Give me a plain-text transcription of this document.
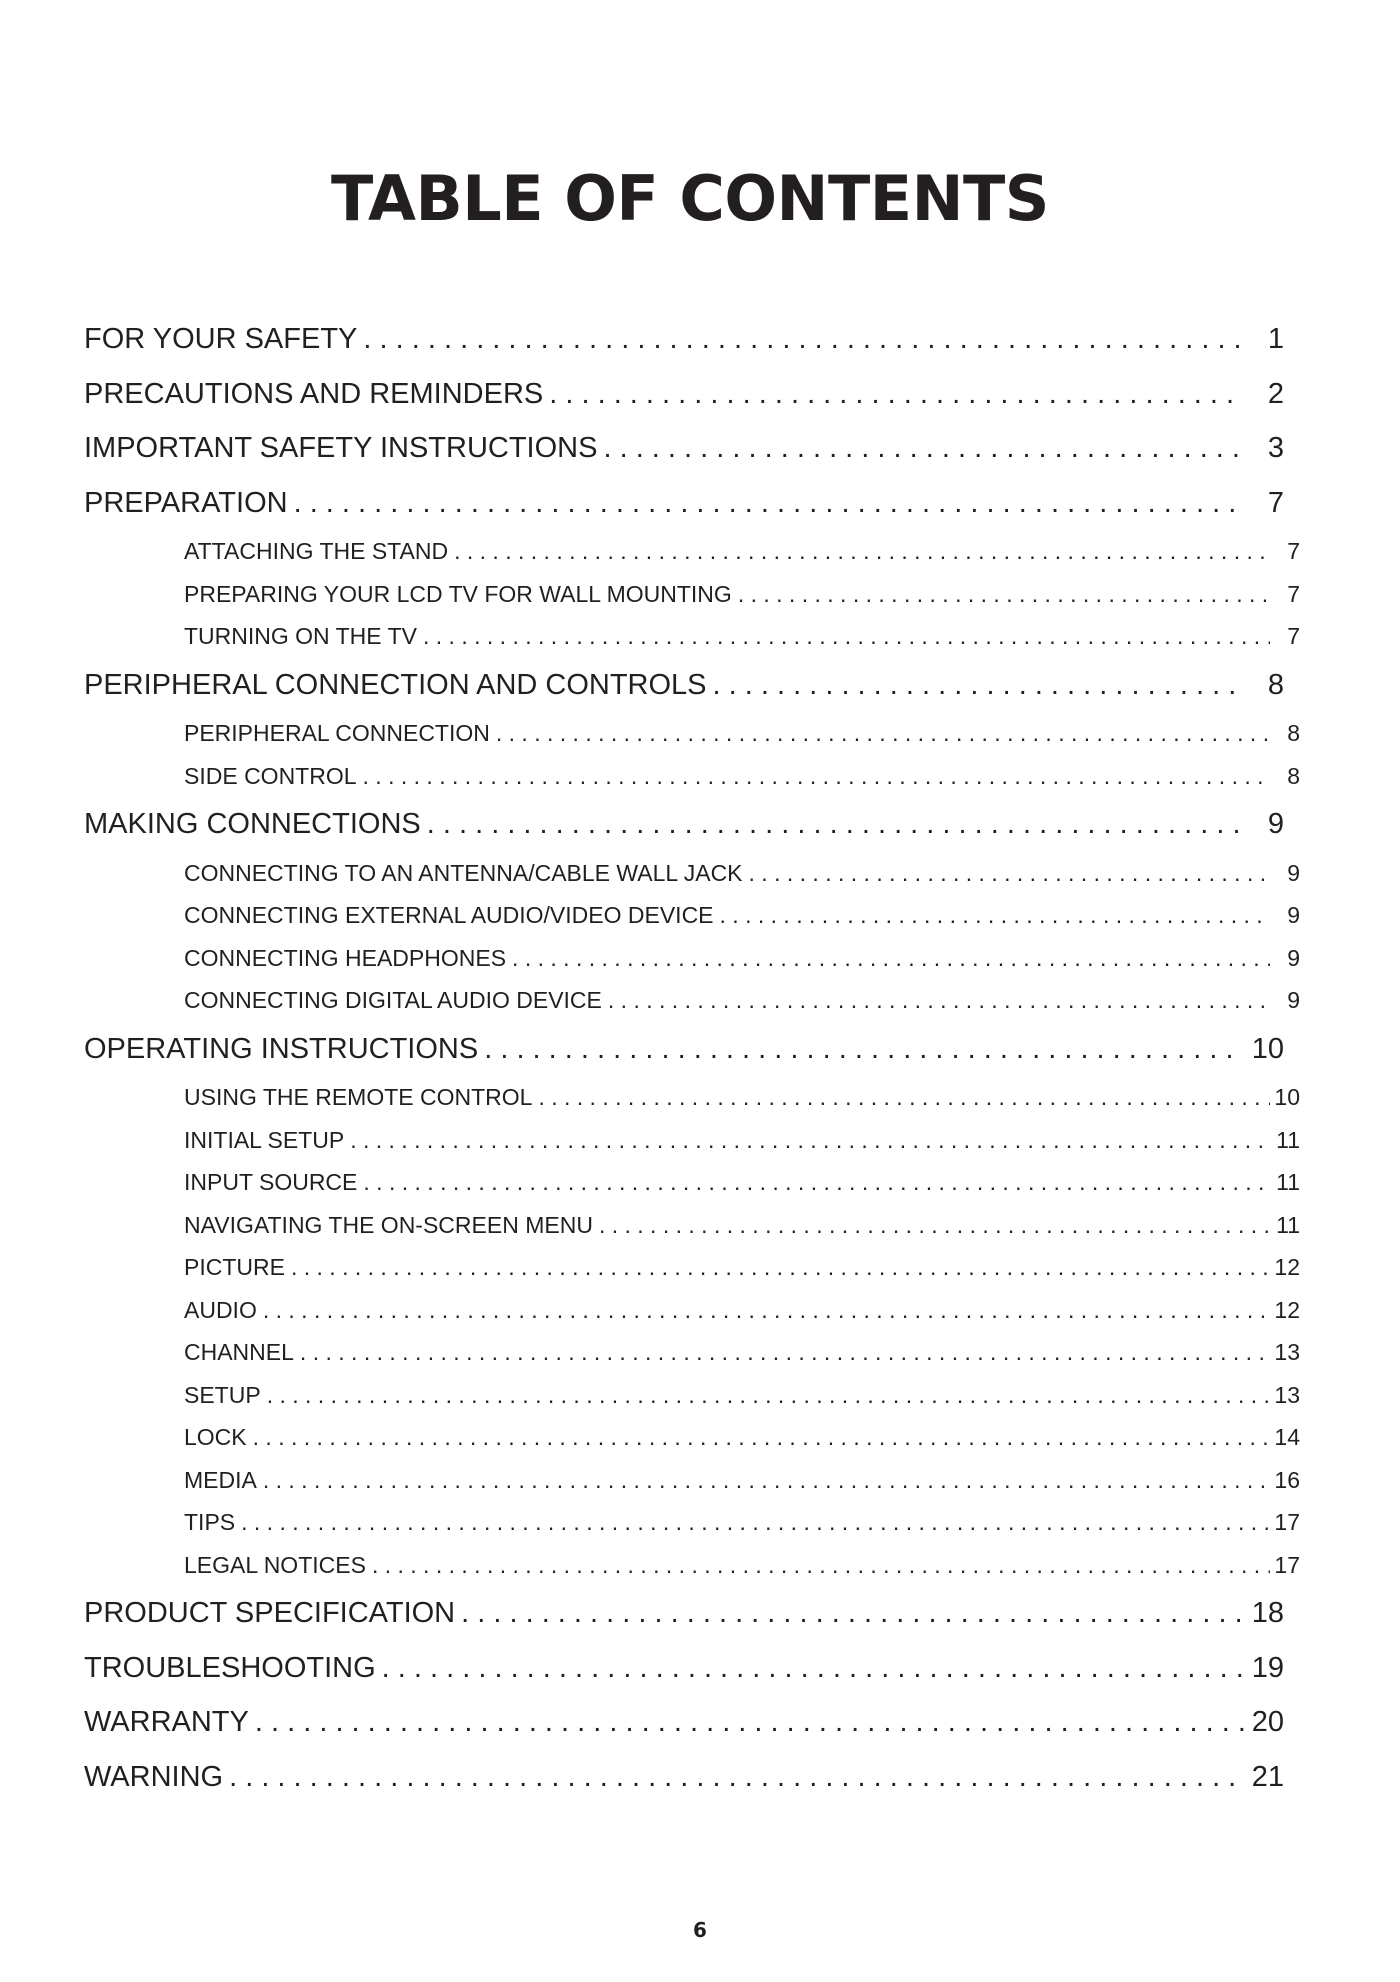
TABLE OF CONTENTS
FOR YOUR SAFETY . . .	1
PRECAUTIONS AND REMINDERS . . .	2
IMPORTANT SAFETY INSTRUCTIONS . . .	3
PREPARATION . . .	7
ATTACHING THE STAND . . .	7
PREPARING YOUR LCD TV FOR WALL MOUNTING . . .	7
TURNING ON THE TV . . .	7
PERIPHERAL CONNECTION AND CONTROLS . . .	8
PERIPHERAL CONNECTION . . .	8
SIDE CONTROL . . .	8
MAKING CONNECTIONS . . .	9
CONNECTING TO AN ANTENNA/CABLE WALL JACK . . .	9
CONNECTING EXTERNAL AUDIO/VIDEO DEVICE . . .	9
CONNECTING HEADPHONES . . .	9
CONNECTING DIGITAL AUDIO DEVICE . . .	9
OPERATING INSTRUCTIONS . . .	10
USING THE REMOTE CONTROL . . .	10
INITIAL SETUP . . .	11
INPUT SOURCE . . .	11
NAVIGATING THE ON-SCREEN MENU . . .	11
PICTURE . . .	12
AUDIO . . .	12
CHANNEL . . .	13
SETUP . . .	13
LOCK . . .	14
MEDIA . . .	16
TIPS . . .	17
LEGAL NOTICES . . .	17
PRODUCT SPECIFICATION . . .	18
TROUBLESHOOTING . . .	19
WARRANTY . . .	20
WARNING . . .	21
6
